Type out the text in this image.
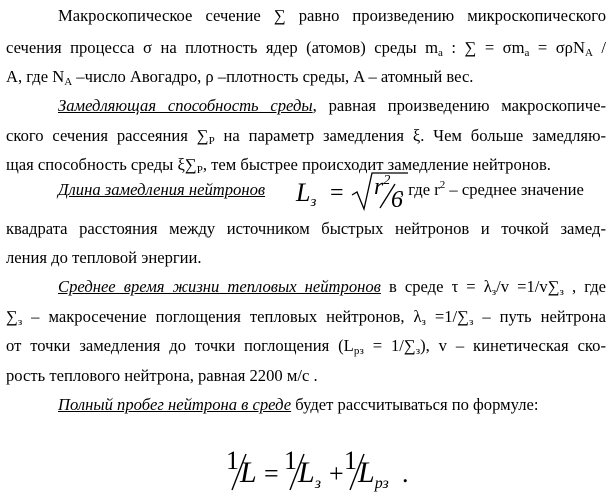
Макроскопическое сечение ∑ равно произведению микроскопического
сечения процесса σ на плотность ядер (атомов) среды $m_a$ : ∑ = $\sigma m_a = \sigma\rho N_A$ /
A, где $N_A$ –число Авогадро, ρ –плотность среды, A – атомный вес.
Замедляющая способность среды, равная произведению макроскопиче-
ского сечения рассеяния $\sum_P$ на параметр замедления ξ. Чем больше замедляю-
щая способность среды $\xi\sum_P$, тем быстрее происходит замедление нейтронов.
Длина замедления нейтронов	$L_з = r^2$
6
, где $r^2$ – среднее значение
квадрата расстояния между источником быстрых нейтронов и точкой замед-
ления до тепловой энергии.
Среднее время жизни тепловых нейтронов в среде $\tau = \lambda_з/v =1/v\sum_з$ , где
$\sum_з$ – макросечение поглощения тепловых нейтронов, $\lambda_з =1/\sum_з$ – путь нейтрона
от точки замедления до точки поглощения $(L_{рз} = 1/\sum_з)$, v – кинетическая ско-
рость теплового нейтрона, равная 2200 м/с .
Полный пробег нейтрона в среде будет рассчитываться по формуле:
1 L = 1 $L_з + 1$ $L_{рз}$ .
